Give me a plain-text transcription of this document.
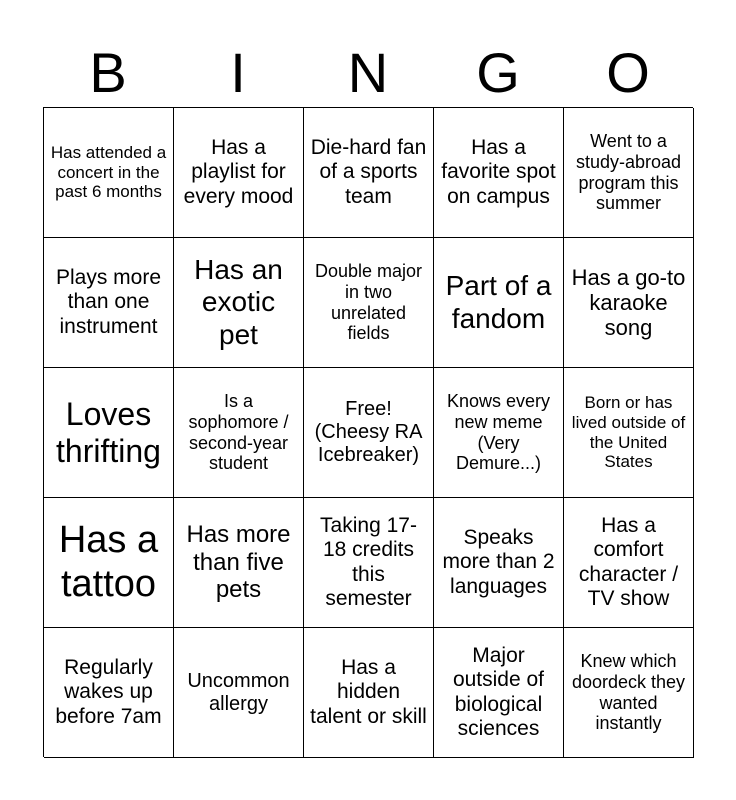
B	I	N	G	O
Has attended a concert in the past 6 months
Has a playlist for every mood
Die-hard fan of a sports team
Has a favorite spot on campus
Went to a study-abroad program this summer
Plays more than one instrument
Has an exotic pet
Double major in two unrelated fields
Part of a fandom
Has a go-to karaoke song
Loves thrifting
Is a sophomore / second-year student
Free! (Cheesy RA Icebreaker)
Knows every new meme (Very Demure...)
Born or has lived outside of the United States
Has a tattoo
Has more than five pets
Taking 17-18 credits this semester
Speaks more than 2 languages
Has a comfort character / TV show
Regularly wakes up before 7am
Uncommon allergy
Has a hidden talent or skill
Major outside of biological sciences
Knew which doordeck they wanted instantly
